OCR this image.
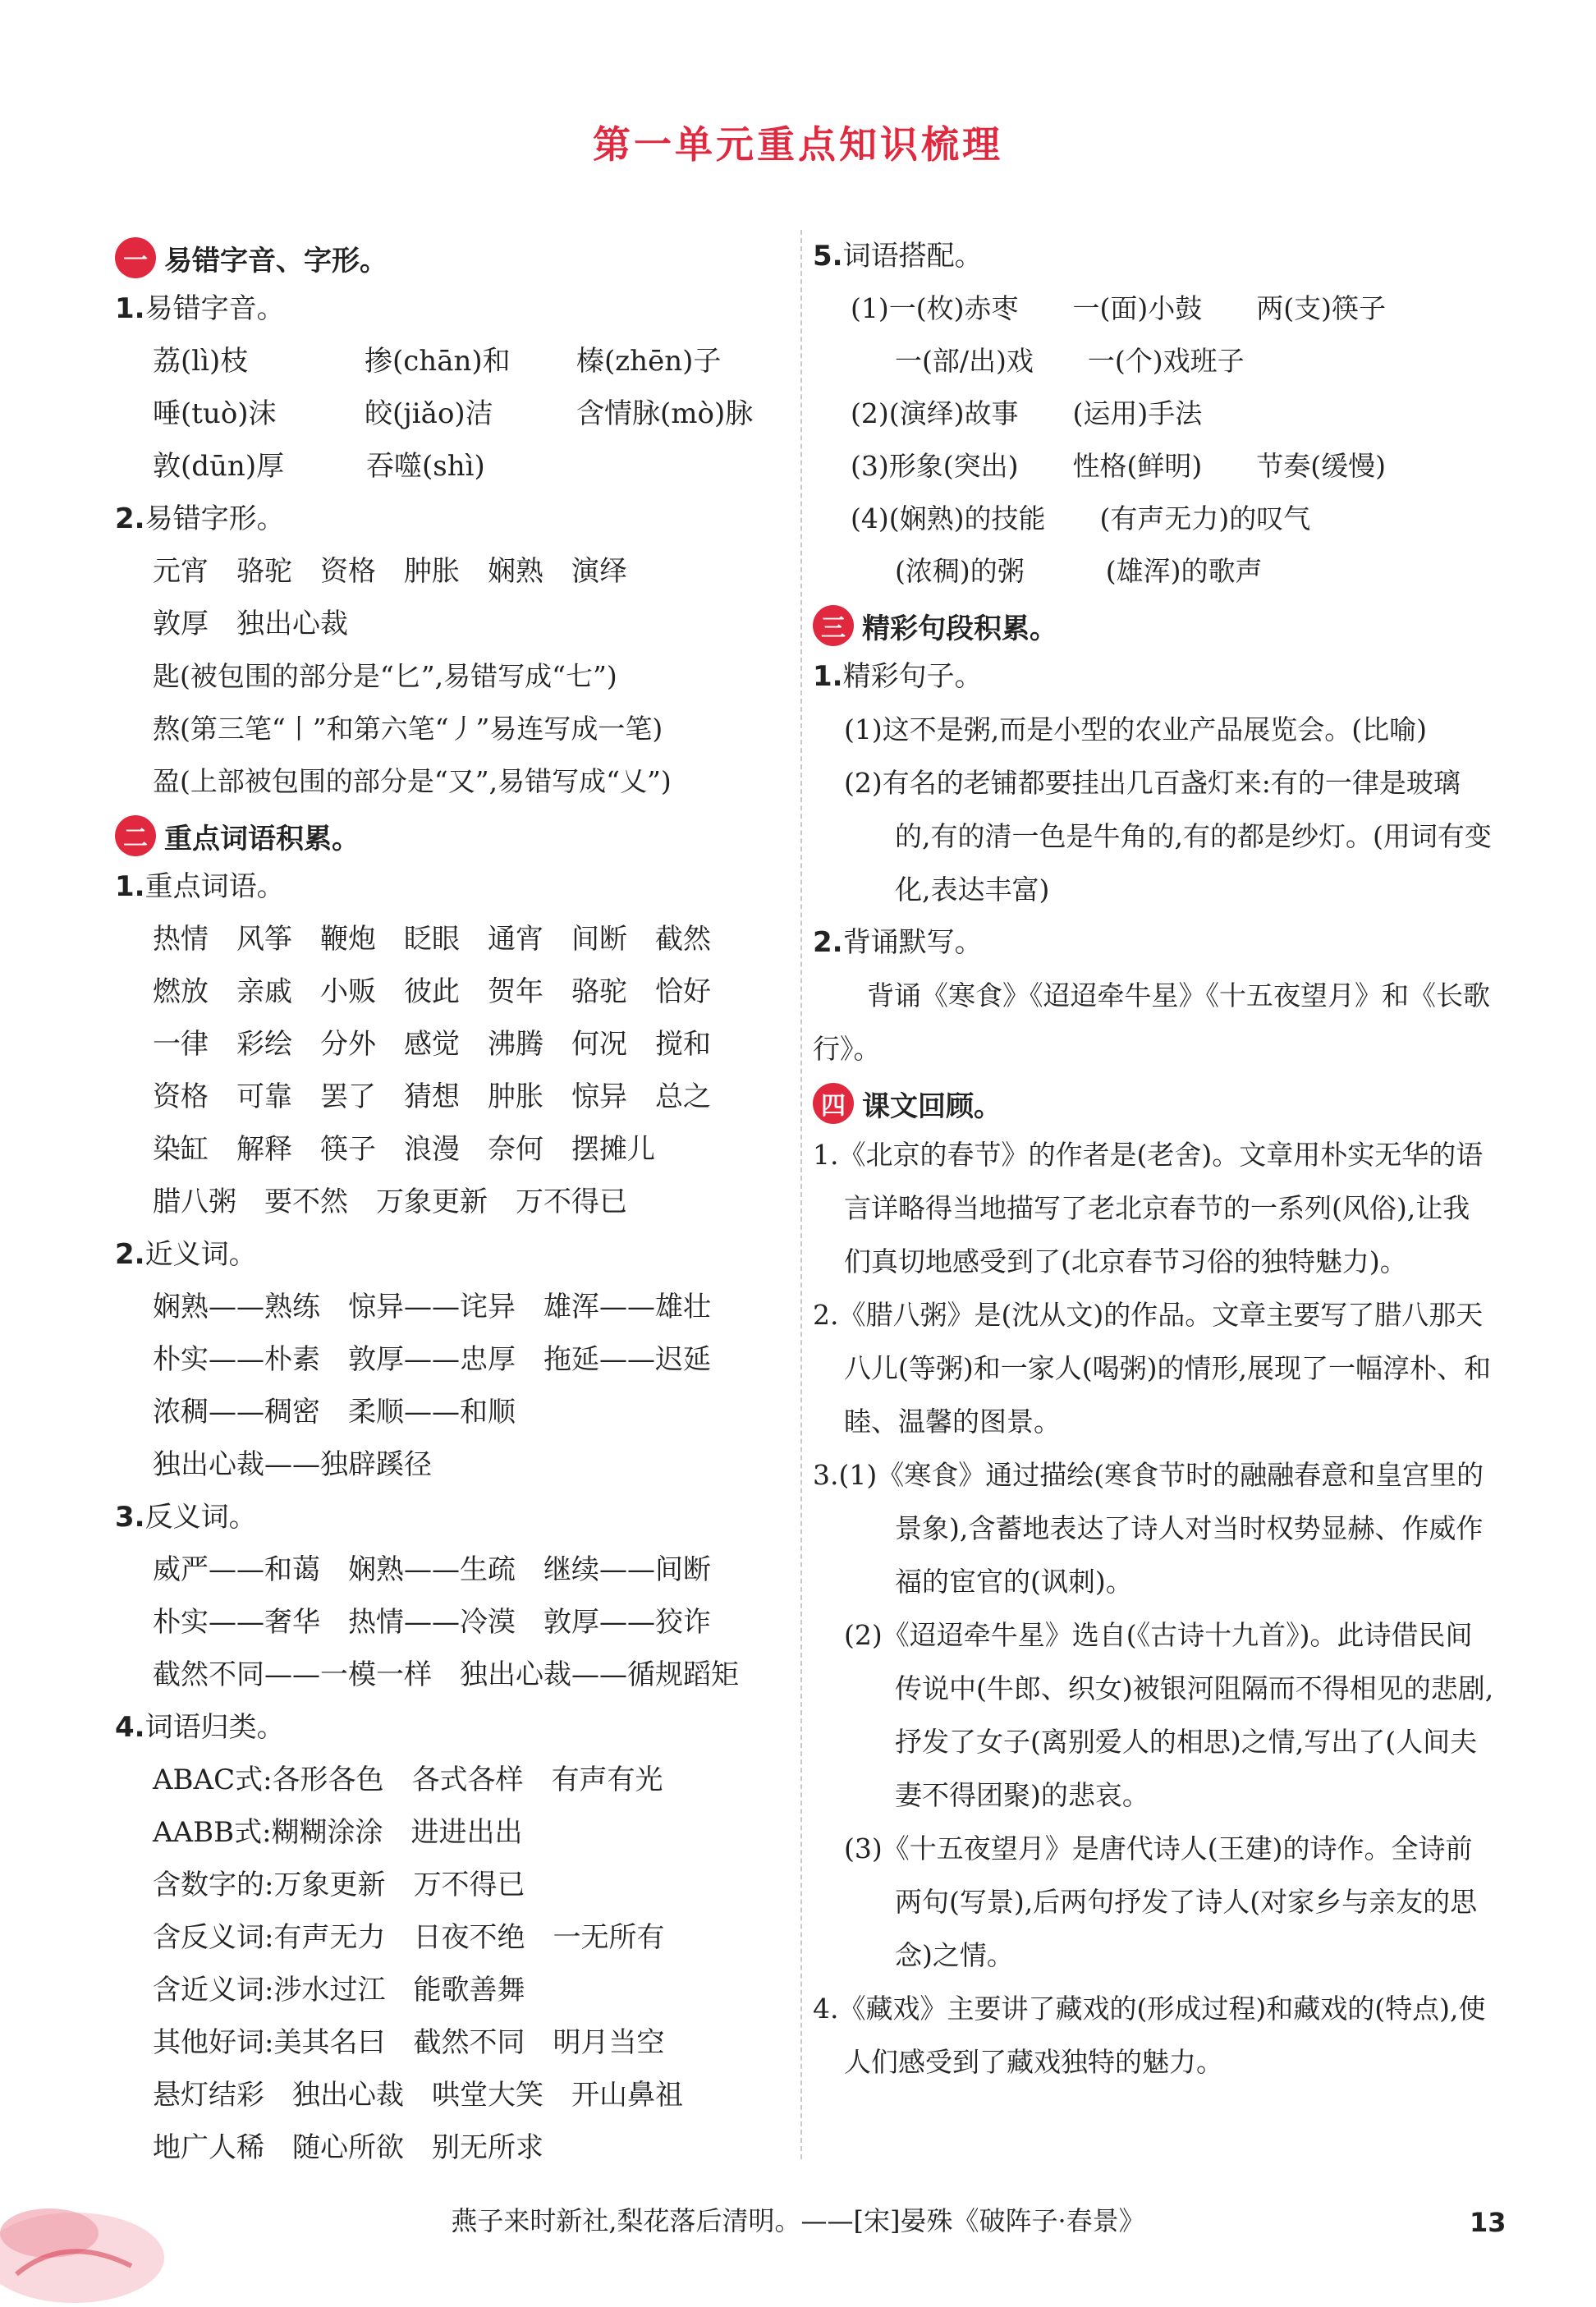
第一单元重点知识梳理
一 易错字音、字形。
1.易错字音。
荔(lì)枝	掺(chān)和	榛(zhēn)子
唾(tuò)沫	皎(jiǎo)洁	含情脉(mò)脉
敦(dūn)厚	吞噬(shì)
2.易错字形。
元宵 骆驼 资格 肿胀 娴熟 演绎
敦厚 独出心裁
匙(被包围的部分是“匕”,易错写成“七”)
熬(第三笔“丨”和第六笔“丿”易连写成一笔)
盈(上部被包围的部分是“又”,易错写成“乂”)
二 重点词语积累。
1.重点词语。
热情 风筝 鞭炮 眨眼 通宵 间断 截然
燃放 亲戚 小贩 彼此 贺年 骆驼 恰好
一律 彩绘 分外 感觉 沸腾 何况 搅和
资格 可靠 罢了 猜想 肿胀 惊异 总之
染缸 解释 筷子 浪漫 奈何 摆摊儿
腊八粥 要不然 万象更新 万不得已
2.近义词。
娴熟——熟练 惊异——诧异 雄浑——雄壮
朴实——朴素 敦厚——忠厚 拖延——迟延
浓稠——稠密 柔顺——和顺
独出心裁——独辟蹊径
3.反义词。
威严——和蔼 娴熟——生疏 继续——间断
朴实——奢华 热情——冷漠 敦厚——狡诈
截然不同——一模一样 独出心裁——循规蹈矩
4.词语归类。
ABAC式:各形各色 各式各样 有声有光
AABB式:糊糊涂涂 进进出出
含数字的:万象更新 万不得已
含反义词:有声无力 日夜不绝 一无所有
含近义词:涉水过江 能歌善舞
其他好词:美其名曰 截然不同 明月当空
悬灯结彩 独出心裁 哄堂大笑 开山鼻祖
地广人稀 随心所欲 别无所求
5.词语搭配。
(1)一(枚)赤枣　　一(面)小鼓　　两(支)筷子
一(部/出)戏　　一(个)戏班子
(2)(演绎)故事　　(运用)手法
(3)形象(突出)　　性格(鲜明)　　节奏(缓慢)
(4)(娴熟)的技能　　(有声无力)的叹气
(浓稠)的粥　　　(雄浑)的歌声
三 精彩句段积累。
1.精彩句子。
(1)这不是粥,而是小型的农业产品展览会。(比喻)
(2)有名的老铺都要挂出几百盏灯来:有的一律是玻璃的,有的清一色是牛角的,有的都是纱灯。(用词有变化,表达丰富)
2.背诵默写。
背诵《寒食》《迢迢牵牛星》《十五夜望月》和《长歌行》。
四 课文回顾。
1.《北京的春节》的作者是(老舍)。文章用朴实无华的语言详略得当地描写了老北京春节的一系列(风俗),让我们真切地感受到了(北京春节习俗的独特魅力)。
2.《腊八粥》是(沈从文)的作品。文章主要写了腊八那天八儿(等粥)和一家人(喝粥)的情形,展现了一幅淳朴、和睦、温馨的图景。
3.(1)《寒食》通过描绘(寒食节时的融融春意和皇宫里的景象),含蓄地表达了诗人对当时权势显赫、作威作福的宦官的(讽刺)。
(2)《迢迢牵牛星》选自(《古诗十九首》)。此诗借民间传说中(牛郎、织女)被银河阻隔而不得相见的悲剧,抒发了女子(离别爱人的相思)之情,写出了(人间夫妻不得团聚)的悲哀。
(3)《十五夜望月》是唐代诗人(王建)的诗作。全诗前两句(写景),后两句抒发了诗人(对家乡与亲友的思念)之情。
4.《藏戏》主要讲了藏戏的(形成过程)和藏戏的(特点),使人们感受到了藏戏独特的魅力。
燕子来时新社,梨花落后清明。——[宋]晏殊《破阵子·春景》	13
